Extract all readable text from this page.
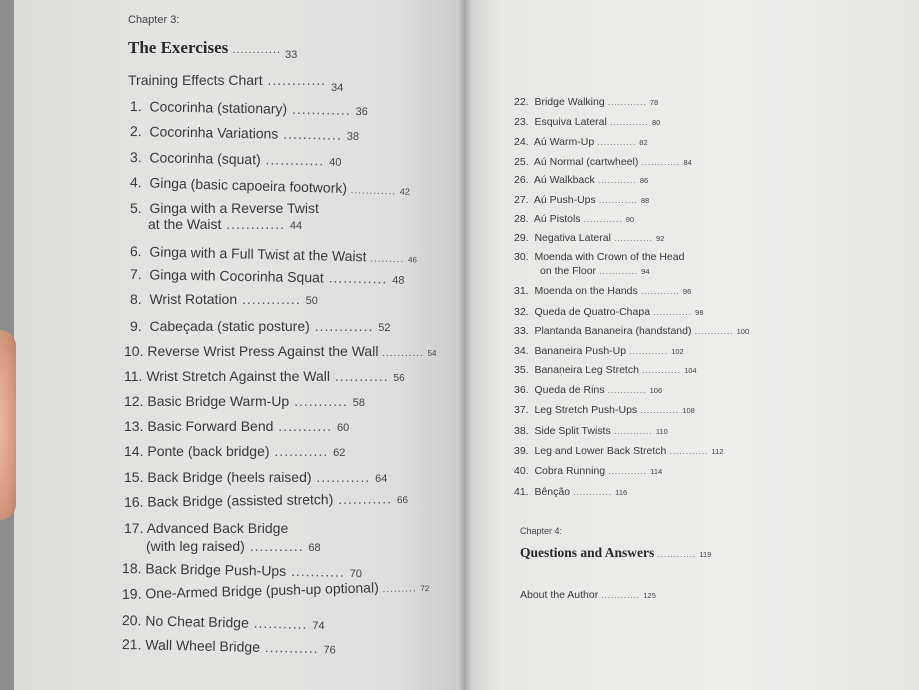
Chapter 3:
The Exercises ............ $_{33}$
Training Effects Chart ............ $_{34}$
1. Cocorinha (stationary) ............ 36
2. Cocorinha Variations ............ 38
3. Cocorinha (squat) ............ 40
4. Ginga (basic capoeira footwork) ............ 42
5. Ginga with a Reverse Twist
at the Waist ............ 44
6. Ginga with a Full Twist at the Waist ......... 46
7. Ginga with Cocorinha Squat ............ 48
8. Wrist Rotation ............ 50
9. Cabeçada (static posture) ............ 52
10. Reverse Wrist Press Against the Wall ........... 54
11. Wrist Stretch Against the Wall ........... 56
12. Basic Bridge Warm-Up ........... 58
13. Basic Forward Bend ........... 60
14. Ponte (back bridge) ........... 62
15. Back Bridge (heels raised) ........... 64
16. Back Bridge (assisted stretch) ........... 66
17. Advanced Back Bridge
(with leg raised) ........... 68
18. Back Bridge Push-Ups ........... 70
19. One-Armed Bridge (push-up optional) ......... 72
20. No Cheat Bridge ........... 74
21. Wall Wheel Bridge ........... 76
22. Bridge Walking ............ 78
23. Esquiva Lateral ............ 80
24. Aú Warm-Up ............ 82
25. Aú Normal (cartwheel) ............ 84
26. Aú Walkback ............ 86
27. Aú Push-Ups ............ 88
28. Aú Pistols ............ 90
29. Negativa Lateral ............ 92
30. Moenda with Crown of the Head
on the Floor ............ 94
31. Moenda on the Hands ............ 96
32. Queda de Quatro-Chapa ............ 98
33. Plantanda Bananeira (handstand) ............ 100
34. Bananeira Push-Up ............ 102
35. Bananeira Leg Stretch ............ 104
36. Queda de Rins ............ 106
37. Leg Stretch Push-Ups ............ 108
38. Side Split Twists ............ 110
39. Leg and Lower Back Stretch ............ 112
40. Cobra Running ............ 114
41. Bênção ............ 116
Chapter 4:
Questions and Answers ............ 119
About the Author ............ 125
